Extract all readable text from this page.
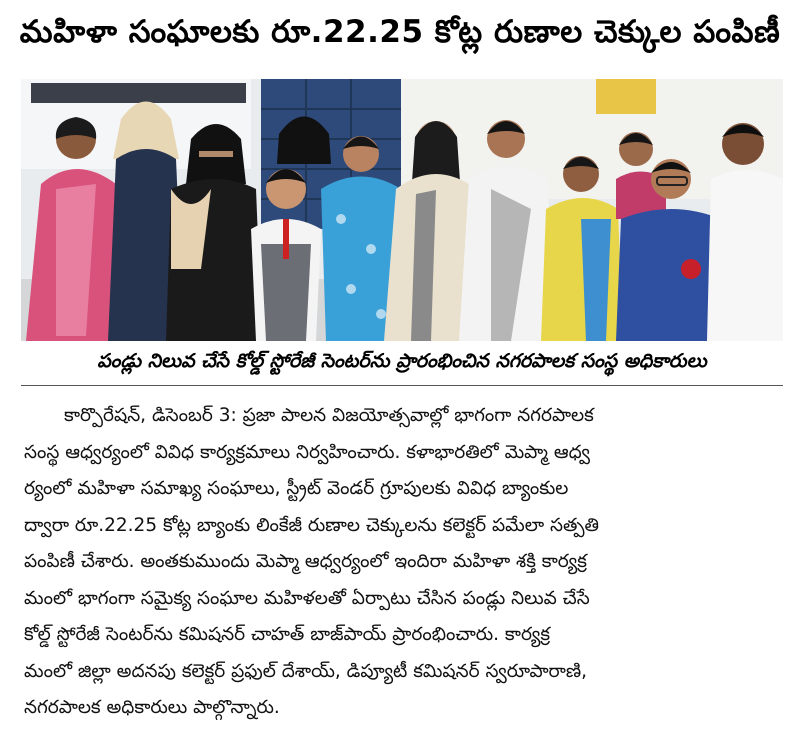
మహిళా సంఘాలకు రూ.22.25 కోట్ల రుణాల చెక్కుల పంపిణీ
పండ్లు నిలువ చేసే కోల్డ్ స్టోరేజీ సెంటర్‌ను ప్రారంభించిన నగరపాలక సంస్థ అధికారులు
కార్పొరేషన్, డిసెంబర్ 3: ప్రజా పాలన విజయోత్సవాల్లో భాగంగా నగరపాలక
సంస్థ ఆధ్వర్యంలో వివిధ కార్యక్రమాలు నిర్వహించారు. కళాభారతిలో మెప్మా ఆధ్వ
ర్యంలో మహిళా సమాఖ్య సంఘాలు, స్ట్రీట్ వెండర్ గ్రూపులకు వివిధ బ్యాంకుల
ద్వారా రూ.22.25 కోట్ల బ్యాంకు లింకేజీ రుణాల చెక్కులను కలెక్టర్ పమేలా సత్పతి
పంపిణీ చేశారు. అంతకుముందు మెప్మా ఆధ్వర్యంలో ఇందిరా మహిళా శక్తి కార్యక్ర
మంలో భాగంగా సమైక్య సంఘాల మహిళలతో ఏర్పాటు చేసిన పండ్లు నిలువ చేసే
కోల్డ్ స్టోరేజీ సెంటర్‌ను కమిషనర్ చాహత్ బాజ్‌పాయ్ ప్రారంభించారు. కార్యక్ర
మంలో జిల్లా అదనపు కలెక్టర్ ప్రఫుల్ దేశాయ్, డిప్యూటీ కమిషనర్ స్వరూపారాణి,
నగరపాలక అధికారులు పాల్గొన్నారు.
